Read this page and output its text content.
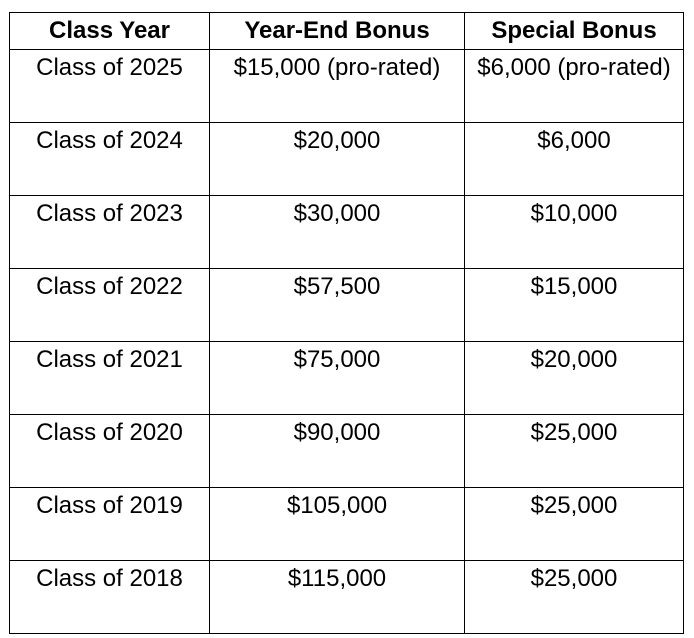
Class Year	Year-End Bonus	Special Bonus
Class of 2025	$15,000 (pro-rated)	$6,000 (pro-rated)
Class of 2024	$20,000	$6,000
Class of 2023	$30,000	$10,000
Class of 2022	$57,500	$15,000
Class of 2021	$75,000	$20,000
Class of 2020	$90,000	$25,000
Class of 2019	$105,000	$25,000
Class of 2018	$115,000	$25,000
